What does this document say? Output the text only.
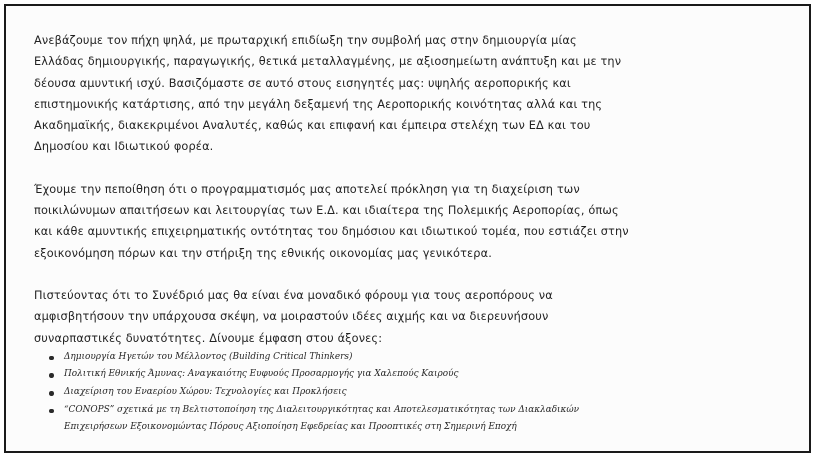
Ανεβάζουμε τον πήχη ψηλά, με πρωταρχική επιδίωξη την συμβολή μας στην δημιουργία μίας
Ελλάδας δημιουργικής, παραγωγικής, θετικά μεταλλαγμένης, με αξιοσημείωτη ανάπτυξη και με την
δέουσα αμυντική ισχύ. Βασιζόμαστε σε αυτό στους εισηγητές μας: υψηλής αεροπορικής και
επιστημονικής κατάρτισης, από την μεγάλη δεξαμενή της Αεροπορικής κοινότητας αλλά και της
Ακαδημαϊκής, διακεκριμένοι Αναλυτές, καθώς και επιφανή και έμπειρα στελέχη των ΕΔ και του
Δημοσίου και Ιδιωτικού φορέα.

Έχουμε την πεποίθηση ότι ο προγραμματισμός μας αποτελεί πρόκληση για τη διαχείριση των
ποικιλώνυμων απαιτήσεων και λειτουργίας των Ε.Δ. και ιδιαίτερα της Πολεμικής Αεροπορίας, όπως
και κάθε αμυντικής επιχειρηματικής οντότητας του δημόσιου και ιδιωτικού τομέα, που εστιάζει στην
εξοικονόμηση πόρων και την στήριξη της εθνικής οικονομίας μας γενικότερα.

Πιστεύοντας ότι το Συνέδριό μας θα είναι ένα μοναδικό φόρουμ για τους αεροπόρους να
αμφισβητήσουν την υπάρχουσα σκέψη, να μοιραστούν ιδέες αιχμής και να διερευνήσουν
συναρπαστικές δυνατότητες. Δίνουμε έμφαση στου άξονες:

Δημιουργία Ηγετών του Μέλλοντος (Building Critical Thinkers)
Πολιτική Εθνικής Άμυνας: Αναγκαιότης Ευφυούς Προσαρμογής για Χαλεπούς Καιρούς
Διαχείριση του Εναερίου Χώρου: Τεχνολογίες και Προκλήσεις
“CONOPS” σχετικά με τη Βελτιστοποίηση της Διαλειτουργικότητας και Αποτελεσματικότητας των Διακλαδικών
Επιχειρήσεων Εξοικονομώντας Πόρους Αξιοποίηση Εφεδρείας και Προοπτικές στη Σημερινή Εποχή
